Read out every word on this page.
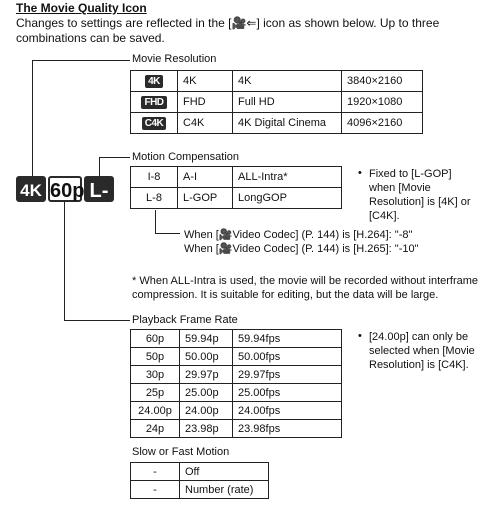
The Movie Quality Icon
Changes to settings are reflected in the [🎥⇐] icon as shown below. Up to three combinations can be saved.
4K 60p L-8
Movie Resolution
4K	4K	4K	3840×2160
FHD	FHD	Full HD	1920×1080
C4K	C4K	4K Digital Cinema	4096×2160
Motion Compensation
I-8	A-I	ALL-Intra*
L-8	L-GOP	LongGOP
• Fixed to [L-GOP] when [Movie Resolution] is [4K] or [C4K].
When [🎥Video Codec] (P. 144) is [H.264]: "-8"
When [🎥Video Codec] (P. 144) is [H.265]: "-10"
* When ALL-Intra is used, the movie will be recorded without interframe compression. It is suitable for editing, but the data will be large.
Playback Frame Rate
60p	59.94p	59.94fps
50p	50.00p	50.00fps
30p	29.97p	29.97fps
25p	25.00p	25.00fps
24.00p	24.00p	24.00fps
24p	23.98p	23.98fps
• [24.00p] can only be selected when [Movie Resolution] is [C4K].
Slow or Fast Motion
-	Off
-	Number (rate)
